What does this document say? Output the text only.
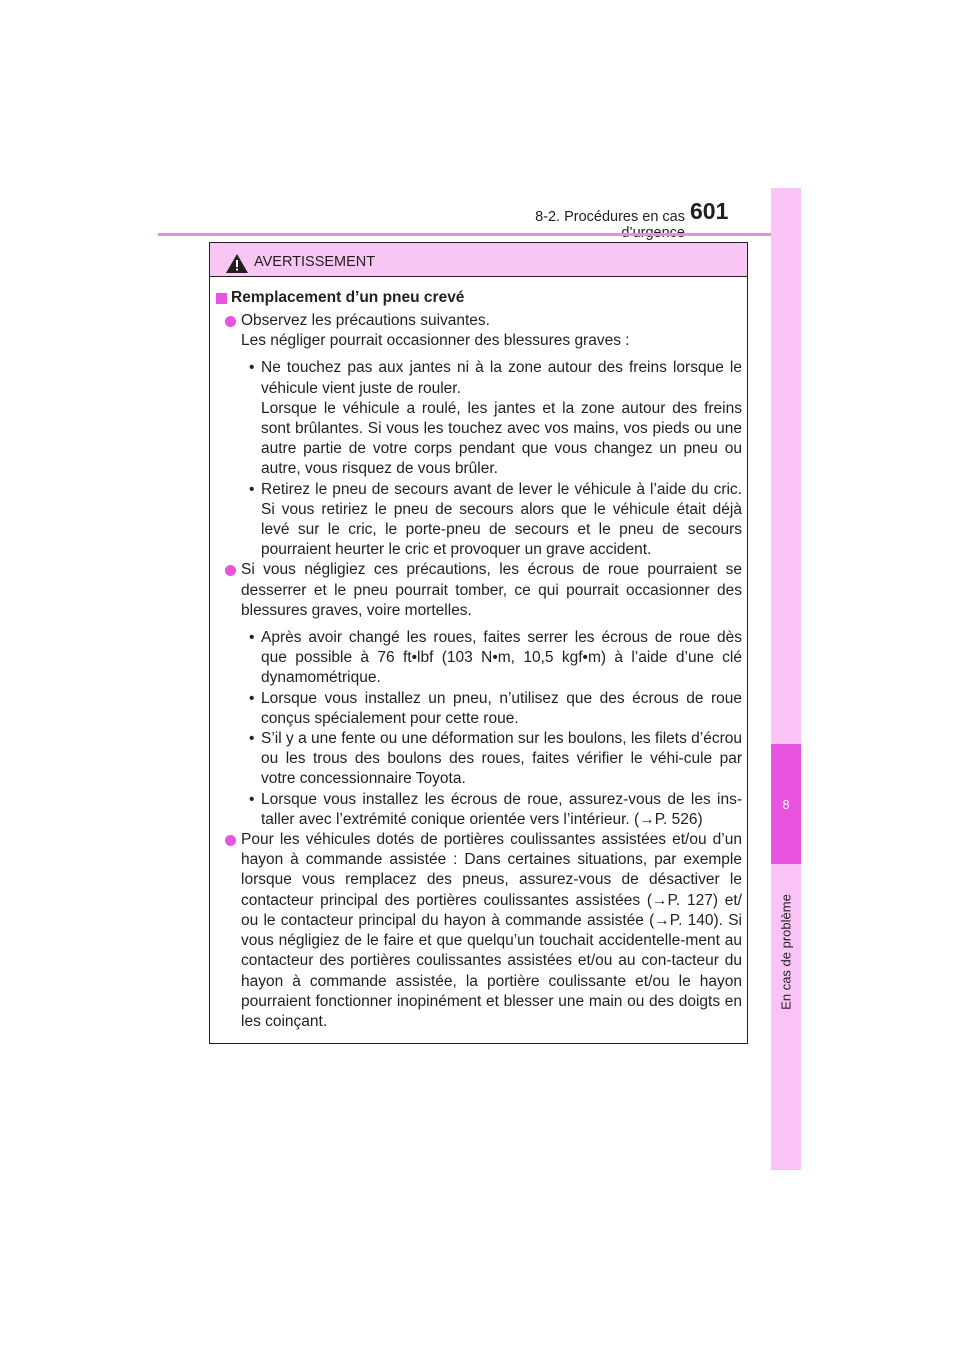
8-2. Procédures en cas 601
8
En cas de problème
AVERTISSEMENT
Remplacement d’un pneu crevé
Observez les précautions suivantes.
Les négliger pourrait occasionner des blessures graves :
• Ne touchez pas aux jantes ni à la zone autour des freins lorsque le véhicule vient juste de rouler.
Lorsque le véhicule a roulé, les jantes et la zone autour des freins sont brûlantes. Si vous les touchez avec vos mains, vos pieds ou une autre partie de votre corps pendant que vous changez un pneu ou autre, vous risquez de vous brûler.
• Retirez le pneu de secours avant de lever le véhicule à l’aide du cric. Si vous retiriez le pneu de secours alors que le véhicule était déjà levé sur le cric, le porte-pneu de secours et le pneu de secours pourraient heurter le cric et provoquer un grave accident.
Si vous négligiez ces précautions, les écrous de roue pourraient se desserrer et le pneu pourrait tomber, ce qui pourrait occasionner des blessures graves, voire mortelles.
• Après avoir changé les roues, faites serrer les écrous de roue dès que possible à 76 ft•lbf (103 N•m, 10,5 kgf•m) à l’aide d’une clé dynamométrique.
• Lorsque vous installez un pneu, n’utilisez que des écrous de roue conçus spécialement pour cette roue.
• S’il y a une fente ou une déformation sur les boulons, les filets d’écrou ou les trous des boulons des roues, faites vérifier le véhi-cule par votre concessionnaire Toyota.
• Lorsque vous installez les écrous de roue, assurez-vous de les ins-taller avec l’extrémité conique orientée vers l’intérieur. (→P. 526)
Pour les véhicules dotés de portières coulissantes assistées et/ou d’un hayon à commande assistée : Dans certaines situations, par exemple lorsque vous remplacez des pneus, assurez-vous de désactiver le contacteur principal des portières coulissantes assistées (→P. 127) et/ ou le contacteur principal du hayon à commande assistée (→P. 140). Si vous négligiez de le faire et que quelqu’un touchait accidentelle-ment au contacteur des portières coulissantes assistées et/ou au con-tacteur du hayon à commande assistée, la portière coulissante et/ou le hayon pourraient fonctionner inopinément et blesser une main ou des doigts en les coinçant.
